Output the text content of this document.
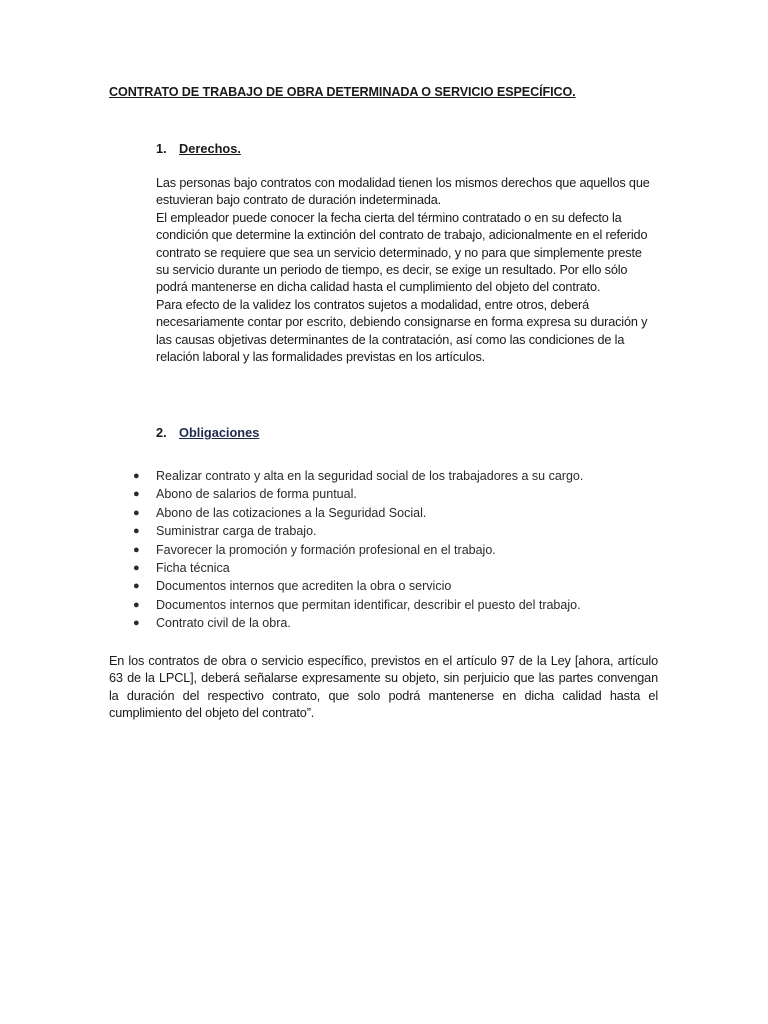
CONTRATO DE TRABAJO DE OBRA DETERMINADA O SERVICIO ESPECÍFICO.
1. Derechos.

Las personas bajo contratos con modalidad tienen los mismos derechos que aquellos que estuvieran bajo contrato de duración indeterminada.

El empleador puede conocer la fecha cierta del término contratado o en su defecto la condición que determine la extinción del contrato de trabajo, adicionalmente en el referido contrato se requiere que sea un servicio determinado, y no para que simplemente preste su servicio durante un periodo de tiempo, es decir, se exige un resultado. Por ello sólo podrá mantenerse en dicha calidad hasta el cumplimiento del objeto del contrato.

Para efecto de la validez los contratos sujetos a modalidad, entre otros, deberá necesariamente contar por escrito, debiendo consignarse en forma expresa su duración y las causas objetivas determinantes de la contratación, así como las condiciones de la relación laboral y las formalidades previstas en los artículos.

2. Obligaciones
● Realizar contrato y alta en la seguridad social de los trabajadores a su cargo.
● Abono de salarios de forma puntual.
● Abono de las cotizaciones a la Seguridad Social.
● Suministrar carga de trabajo.
● Favorecer la promoción y formación profesional en el trabajo.
● Ficha técnica
● Documentos internos que acrediten la obra o servicio
● Documentos internos que permitan identificar, describir el puesto del trabajo.
● Contrato civil de la obra.

En los contratos de obra o servicio específico, previstos en el artículo 97 de la Ley [ahora, artículo 63 de la LPCL], deberá señalarse expresamente su objeto, sin perjuicio que las partes convengan la duración del respectivo contrato, que solo podrá mantenerse en dicha calidad hasta el cumplimiento del objeto del contrato”.
